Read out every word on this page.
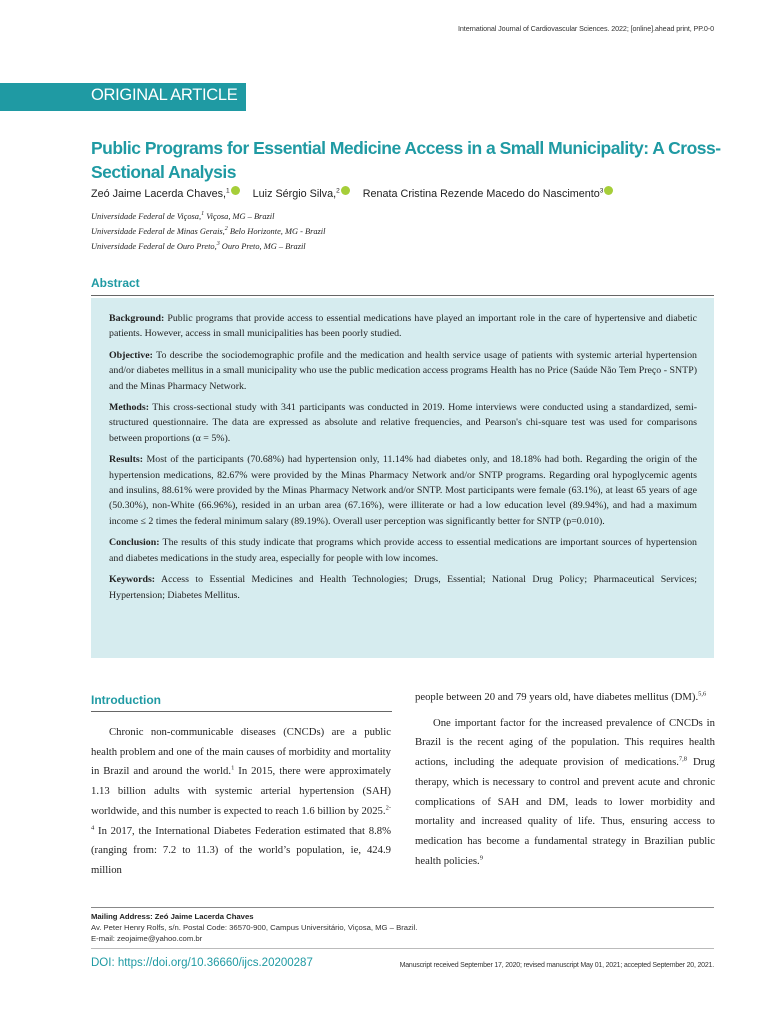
International Journal of Cardiovascular Sciences. 2022; [online].ahead print, PP.0-0
ORIGINAL ARTICLE
Public Programs for Essential Medicine Access in a Small Municipality: A Cross-Sectional Analysis
Zeó Jaime Lacerda Chaves,$^1$ Luiz Sérgio Silva,$^2$ Renata Cristina Rezende Macedo do Nascimento$^3$
Universidade Federal de Viçosa,$^1$ Viçosa, MG – Brazil
Universidade Federal de Minas Gerais,$^2$ Belo Horizonte, MG - Brazil
Universidade Federal de Ouro Preto,$^3$ Ouro Preto, MG – Brazil
Abstract

Background: Public programs that provide access to essential medications have played an important role in the care of hypertensive and diabetic patients. However, access in small municipalities has been poorly studied.

Objective: To describe the sociodemographic profile and the medication and health service usage of patients with systemic arterial hypertension and/or diabetes mellitus in a small municipality who use the public medication access programs Health has no Price (Saúde Não Tem Preço - SNTP) and the Minas Pharmacy Network.

Methods: This cross-sectional study with 341 participants was conducted in 2019. Home interviews were conducted using a standardized, semi-structured questionnaire. The data are expressed as absolute and relative frequencies, and Pearson's chi-square test was used for comparisons between proportions (α = 5%).

Results: Most of the participants (70.68%) had hypertension only, 11.14% had diabetes only, and 18.18% had both. Regarding the origin of the hypertension medications, 82.67% were provided by the Minas Pharmacy Network and/or SNTP programs. Regarding oral hypoglycemic agents and insulins, 88.61% were provided by the Minas Pharmacy Network and/or SNTP. Most participants were female (63.1%), at least 65 years of age (50.30%), non-White (66.96%), resided in an urban area (67.16%), were illiterate or had a low education level (89.94%), and had a maximum income ≤ 2 times the federal minimum salary (89.19%). Overall user perception was significantly better for SNTP (p=0.010).

Conclusion: The results of this study indicate that programs which provide access to essential medications are important sources of hypertension and diabetes medications in the study area, especially for people with low incomes.

Keywords: Access to Essential Medicines and Health Technologies; Drugs, Essential; National Drug Policy; Pharmaceutical Services; Hypertension; Diabetes Mellitus.

Introduction

Chronic non-communicable diseases (CNCDs) are a public health problem and one of the main causes of morbidity and mortality in Brazil and around the world.$^1$ In 2015, there were approximately 1.13 billion adults with systemic arterial hypertension (SAH) worldwide, and this number is expected to reach 1.6 billion by 2025.$^{2-4}$ In 2017, the International Diabetes Federation estimated that 8.8% (ranging from: 7.2 to 11.3) of the world’s population, ie, 424.9 million

people between 20 and 79 years old, have diabetes mellitus (DM).$^{5,6}$

One important factor for the increased prevalence of CNCDs in Brazil is the recent aging of the population. This requires health actions, including the adequate provision of medications.$^{7,8}$ Drug therapy, which is necessary to control and prevent acute and chronic complications of SAH and DM, leads to lower morbidity and mortality and increased quality of life. Thus, ensuring access to medication has become a fundamental strategy in Brazilian public health policies.$^9$

Mailing Address: Zeó Jaime Lacerda Chaves
Av. Peter Henry Rolfs, s/n. Postal Code: 36570-900, Campus Universitário, Viçosa, MG – Brazil.
E-mail: zeojaime@yahoo.com.br
DOI: https://doi.org/10.36660/ijcs.20200287	Manuscript received September 17, 2020; revised manuscript May 01, 2021; accepted September 20, 2021.
